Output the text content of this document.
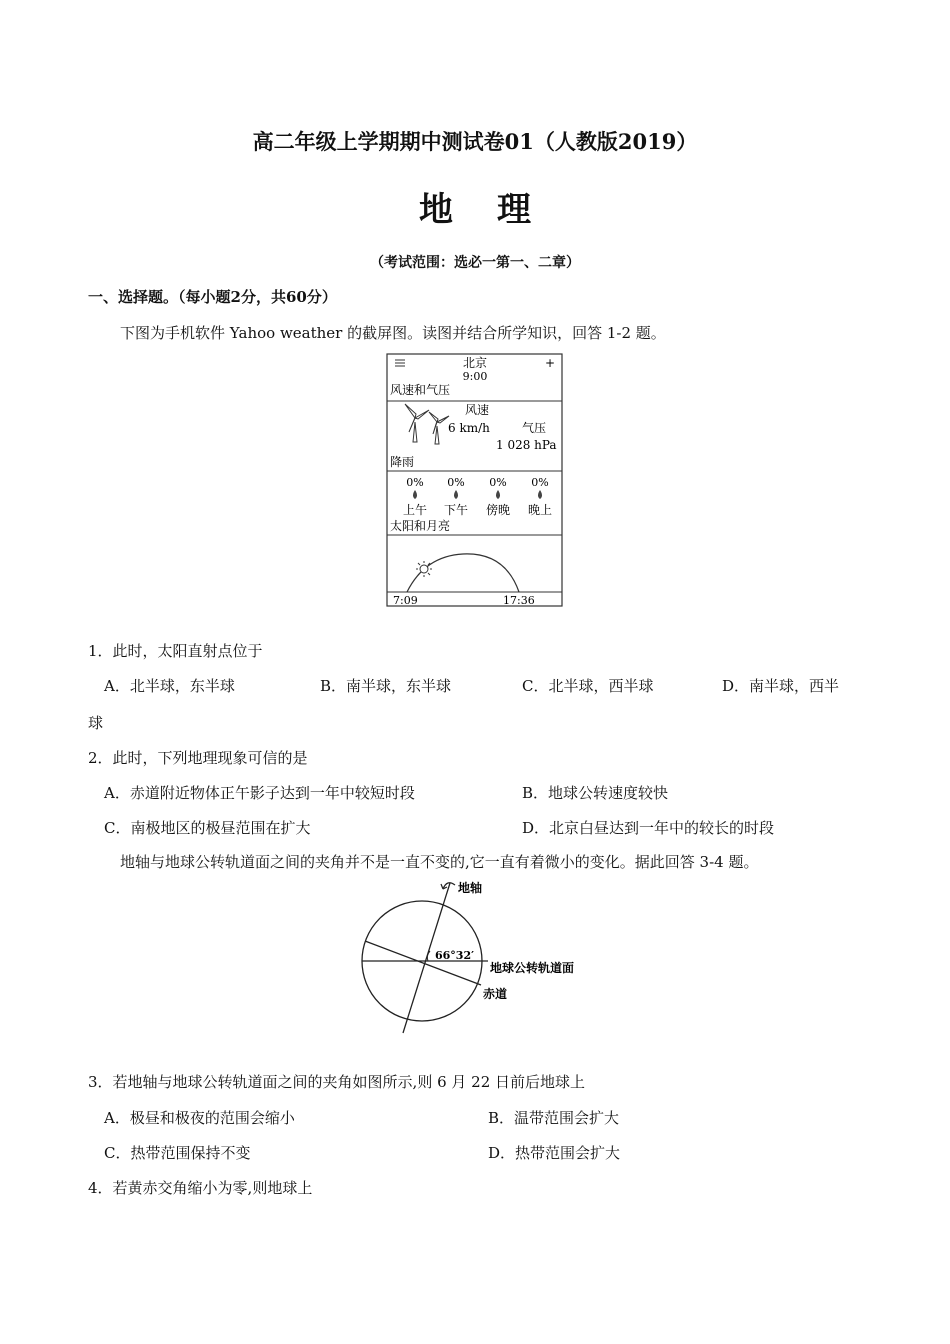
高二年级上学期期中测试卷01（人教版2019）
地 理
（考试范围：选必一第一、二章）
一、选择题。（每小题2分，共60分）
下图为手机软件 Yahoo weather 的截屏图。读图并结合所学知识，回答 1-2 题。
北京	+
9:00
风速和气压
风速
6 km/h	气压
1 028 hPa
降雨
0%
上午
0%
下午
0%
傍晚
0%
晚上
太阳和月亮
7:09	17:36
1．此时，太阳直射点位于
A．北半球，东半球	B．南半球，东半球	C．北半球，西半球	D．南半球，西半
球
2．此时，下列地理现象可信的是
A．赤道附近物体正午影子达到一年中较短时段	B．地球公转速度较快
C．南极地区的极昼范围在扩大	D．北京白昼达到一年中的较长的时段
地轴与地球公转轨道面之间的夹角并不是一直不变的,它一直有着微小的变化。据此回答 3-4 题。
地轴
66°32′
地球公转轨道面
赤道
3．若地轴与地球公转轨道面之间的夹角如图所示,则 6 月 22 日前后地球上
A．极昼和极夜的范围会缩小	B．温带范围会扩大
C．热带范围保持不变	D．热带范围会扩大
4．若黄赤交角缩小为零,则地球上
